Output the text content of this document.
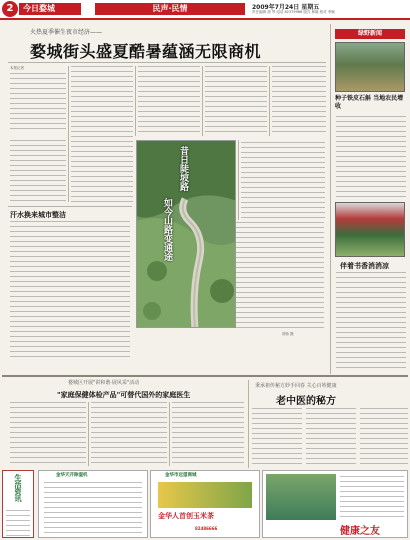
2	今日婺城	民声·民情	2009年7月24日 星期五
责任编辑 胡 琴 电话 82379966 版式 林晓 校对 李婉
火热夏季催生夜市经济——
婺城街头盛夏酷暑蕴涵无限商机
本报记者
汗水换来城市整洁
昔日陡坡路
如今山路变通途
胡伟 摄
绿野新闻
种子铁皮石斛 当地农民增收
伴着书香消消凉
婺城区开展"讲和谐·展风采"活动
"家庭保健体检产品"可替代国外的家庭医生
秉承祖传秘方妙手回春 关心百姓健康
老中医的秘方
生活资讯	金华天开除湿机	金华市远望商城
金华人首创玉米茶
82486666	健康之友
